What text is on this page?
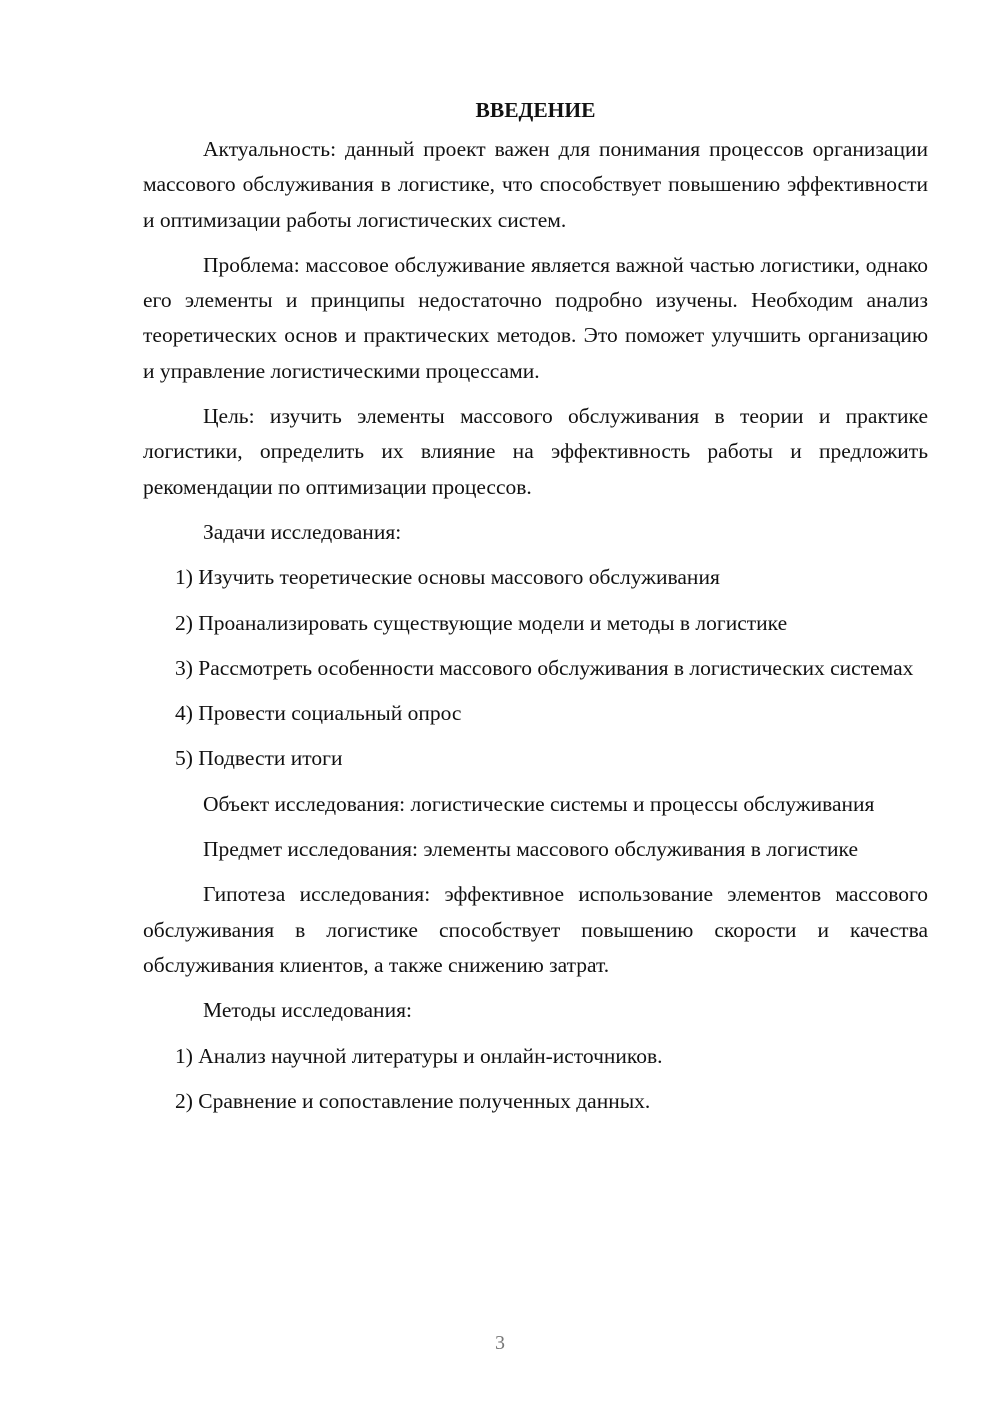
ВВЕДЕНИЕ

Актуальность: данный проект важен для понимания процессов организации массового обслуживания в логистике, что способствует повышению эффективности и оптимизации работы логистических систем.

Проблема: массовое обслуживание является важной частью логистики, однако его элементы и принципы недостаточно подробно изучены. Необходим анализ теоретических основ и практических методов. Это поможет улучшить организацию и управление логистическими процессами.

Цель: изучить элементы массового обслуживания в теории и практике логистики, определить их влияние на эффективность работы и предложить рекомендации по оптимизации процессов.

Задачи исследования:

1) Изучить теоретические основы массового обслуживания

2) Проанализировать существующие модели и методы в логистике

3) Рассмотреть особенности массового обслуживания в логистических системах

4) Провести социальный опрос

5) Подвести итоги

Объект исследования: логистические системы и процессы обслуживания

Предмет исследования: элементы массового обслуживания в логистике

Гипотеза исследования: эффективное использование элементов массового обслуживания в логистике способствует повышению скорости и качества обслуживания клиентов, а также снижению затрат.

Методы исследования:

1) Анализ научной литературы и онлайн-источников.

2) Сравнение и сопоставление полученных данных.

3
